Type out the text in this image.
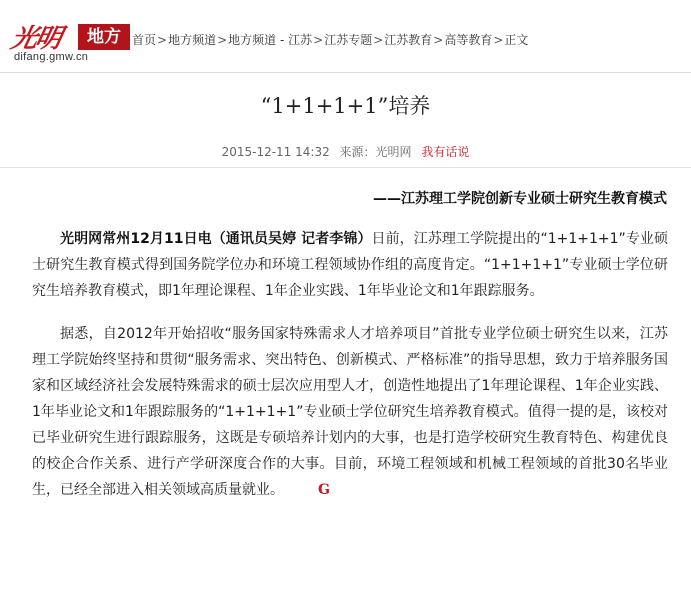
光明	地方
difang.gmw.cn
首页>地方频道>地方频道 - 江苏>江苏专题>江苏教育>高等教育>正文
“1+1+1+1”培养
2015-12-11 14:32 来源：光明网 我有话说
——江苏理工学院创新专业硕士研究生教育模式

光明网常州12月11日电（通讯员吴婷 记者李锦）日前，江苏理工学院提出的“1+1+1+1”专业硕士研究生教育模式得到国务院学位办和环境工程领域协作组的高度肯定。“1+1+1+1”专业硕士学位研究生培养教育模式，即1年理论课程、1年企业实践、1年毕业论文和1年跟踪服务。

据悉，自2012年开始招收“服务国家特殊需求人才培养项目”首批专业学位硕士研究生以来，江苏理工学院始终坚持和贯彻“服务需求、突出特色、创新模式、严格标准”的指导思想，致力于培养服务国家和区域经济社会发展特殊需求的硕士层次应用型人才，创造性地提出了1年理论课程、1年企业实践、1年毕业论文和1年跟踪服务的“1+1+1+1”专业硕士学位研究生培养教育模式。值得一提的是，该校对已毕业研究生进行跟踪服务，这既是专硕培养计划内的大事，也是打造学校研究生教育特色、构建优良的校企合作关系、进行产学研深度合作的大事。目前，环境工程领域和机械工程领域的首批30名毕业生，已经全部进入相关领域高质量就业。 G
